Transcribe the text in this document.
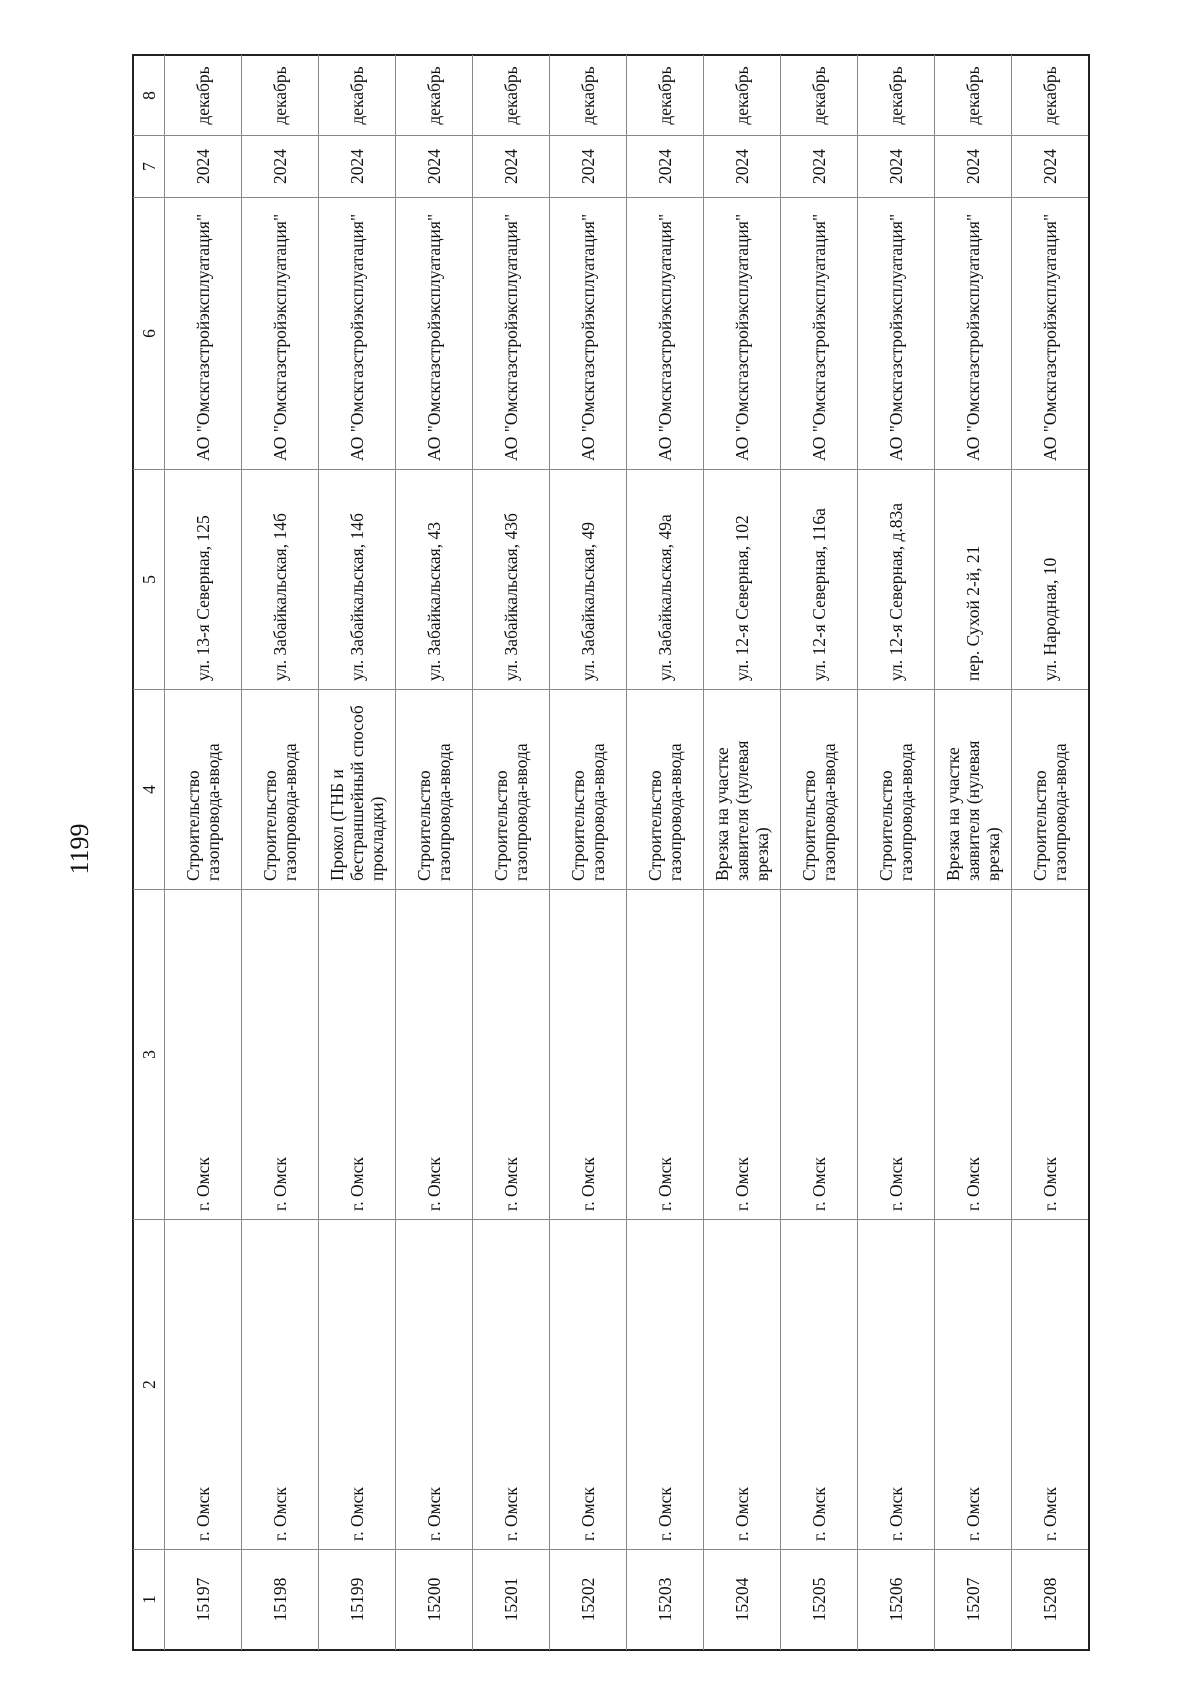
1199
1	2	3	4	5	6	7	8
15197	г. Омск	г. Омск	Строительство газопровода-ввода	ул. 13-я Северная, 125	АО "Омскгазстройэксплуатация"	2024	декабрь
15198	г. Омск	г. Омск	Строительство газопровода-ввода	ул. Забайкальская, 14б	АО "Омскгазстройэксплуатация"	2024	декабрь
15199	г. Омск	г. Омск	Прокол (ГНБ и бестраншейный способ прокладки)	ул. Забайкальская, 14б	АО "Омскгазстройэксплуатация"	2024	декабрь
15200	г. Омск	г. Омск	Строительство газопровода-ввода	ул. Забайкальская, 43	АО "Омскгазстройэксплуатация"	2024	декабрь
15201	г. Омск	г. Омск	Строительство газопровода-ввода	ул. Забайкальская, 43б	АО "Омскгазстройэксплуатация"	2024	декабрь
15202	г. Омск	г. Омск	Строительство газопровода-ввода	ул. Забайкальская, 49	АО "Омскгазстройэксплуатация"	2024	декабрь
15203	г. Омск	г. Омск	Строительство газопровода-ввода	ул. Забайкальская, 49а	АО "Омскгазстройэксплуатация"	2024	декабрь
15204	г. Омск	г. Омск	Врезка на участке заявителя (нулевая врезка)	ул. 12-я Северная, 102	АО "Омскгазстройэксплуатация"	2024	декабрь
15205	г. Омск	г. Омск	Строительство газопровода-ввода	ул. 12-я Северная, 116а	АО "Омскгазстройэксплуатация"	2024	декабрь
15206	г. Омск	г. Омск	Строительство газопровода-ввода	ул. 12-я Северная, д.83а	АО "Омскгазстройэксплуатация"	2024	декабрь
15207	г. Омск	г. Омск	Врезка на участке заявителя (нулевая врезка)	пер. Сухой 2-й, 21	АО "Омскгазстройэксплуатация"	2024	декабрь
15208	г. Омск	г. Омск	Строительство газопровода-ввода	ул. Народная, 10	АО "Омскгазстройэксплуатация"	2024	декабрь
